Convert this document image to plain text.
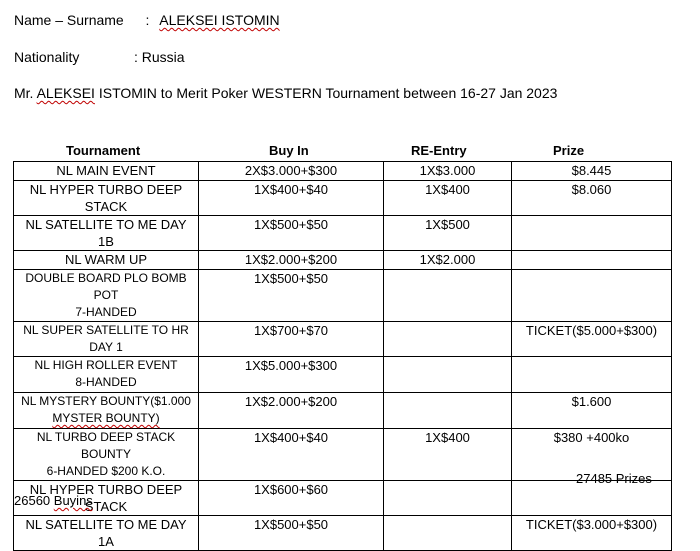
Name – Surname : ALEKSEI ISTOMIN
Nationality	: Russia
Mr. ALEKSEI ISTOMIN to Merit Poker WESTERN Tournament between 16-27 Jan 2023
Tournament	Buy In	RE-Entry	Prize
NL MAIN EVENT	2X$3.000+$300	1X$3.000	$8.445
NL HYPER TURBO DEEP STACK	1X$400+$40	1X$400	$8.060
NL SATELLITE TO ME DAY 1B	1X$500+$50	1X$500	
NL WARM UP	1X$2.000+$200	1X$2.000	

DOUBLE BOARD PLO BOMB POT
7-HANDED	1X$500+$50		
NL SUPER SATELLITE TO HR DAY 1	1X$700+$70		TICKET($5.000+$300)

NL HIGH ROLLER EVENT
8-HANDED	1X$5.000+$300		

NL MYSTERY BOUNTY($1.000
MYSTER BOUNTY)	1X$2.000+$200		$1.600

NL TURBO DEEP STACK BOUNTY
6-HANDED $200 K.O.	1X$400+$40	1X$400	$380 +400ko
NL HYPER TURBO DEEP STACK	1X$600+$60		
NL SATELLITE TO ME DAY 1A	1X$500+$50		TICKET($3.000+$300)
27485 Prizes
26560 Buyins
